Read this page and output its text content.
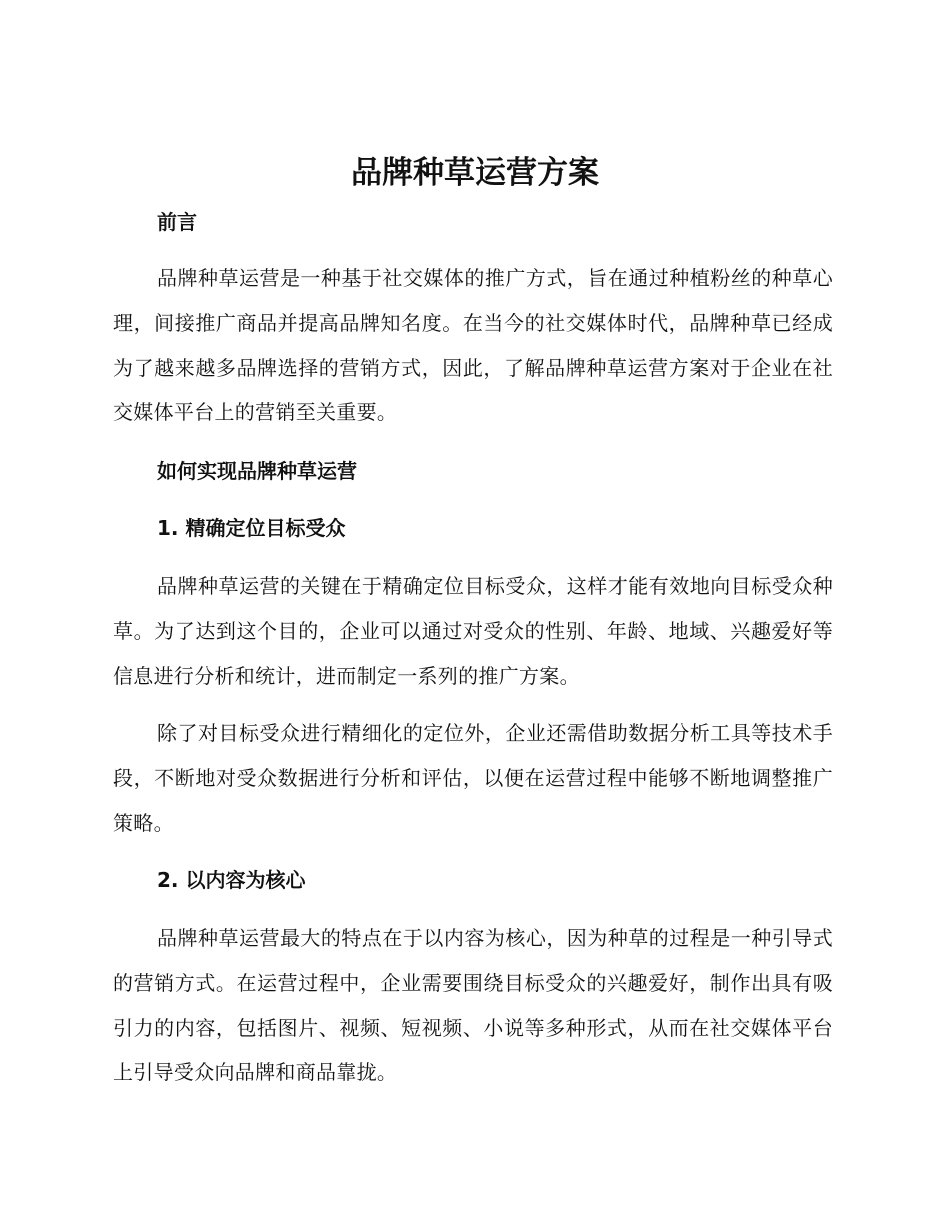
品牌种草运营方案
前言

品牌种草运营是一种基于社交媒体的推广方式，旨在通过种植粉丝的种草心理，间接推广商品并提高品牌知名度。在当今的社交媒体时代，品牌种草已经成为了越来越多品牌选择的营销方式，因此，了解品牌种草运营方案对于企业在社交媒体平台上的营销至关重要。

如何实现品牌种草运营
1. 精确定位目标受众

品牌种草运营的关键在于精确定位目标受众，这样才能有效地向目标受众种草。为了达到这个目的，企业可以通过对受众的性别、年龄、地域、兴趣爱好等信息进行分析和统计，进而制定一系列的推广方案。

除了对目标受众进行精细化的定位外，企业还需借助数据分析工具等技术手段，不断地对受众数据进行分析和评估，以便在运营过程中能够不断地调整推广策略。

2. 以内容为核心

品牌种草运营最大的特点在于以内容为核心，因为种草的过程是一种引导式的营销方式。在运营过程中，企业需要围绕目标受众的兴趣爱好，制作出具有吸引力的内容，包括图片、视频、短视频、小说等多种形式，从而在社交媒体平台上引导受众向品牌和商品靠拢。
